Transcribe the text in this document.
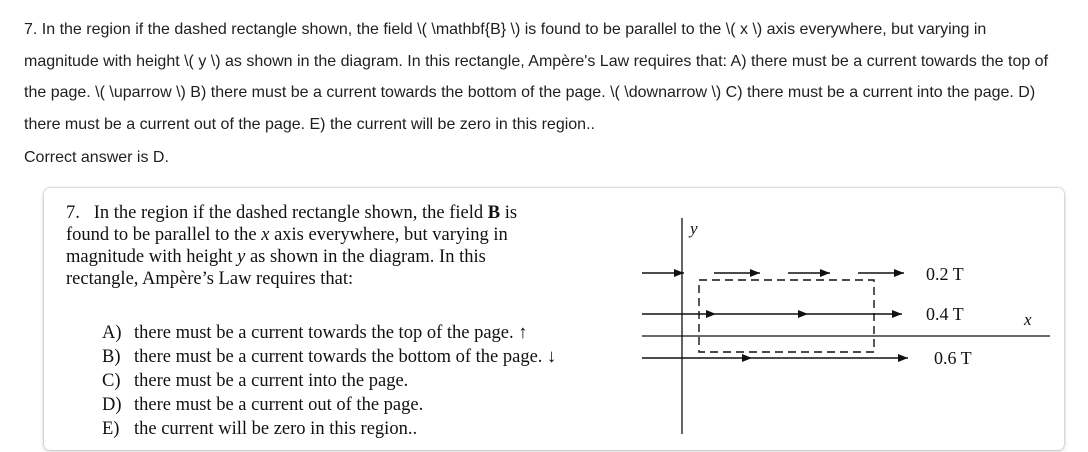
7. In the region if the dashed rectangle shown, the field \( \mathbf{B} \) is found to be parallel to the \( x \) axis everywhere, but varying in magnitude with height \( y \) as shown in the diagram. In this rectangle, Ampère's Law requires that: A) there must be a current towards the top of the page. \( \uparrow \) B) there must be a current towards the bottom of the page. \( \downarrow \) C) there must be a current into the page. D) there must be a current out of the page. E) the current will be zero in this region..
Correct answer is D.
7. In the region if the dashed rectangle shown, the field B is
found to be parallel to the x axis everywhere, but varying in
magnitude with height y as shown in the diagram. In this
rectangle, Ampère’s Law requires that:
A) there must be a current towards the top of the page. ↑
B) there must be a current towards the bottom of the page. ↓
C) there must be a current into the page.
D) there must be a current out of the page.
E) the current will be zero in this region..
y
x
0.2 T
0.4 T
0.6 T
